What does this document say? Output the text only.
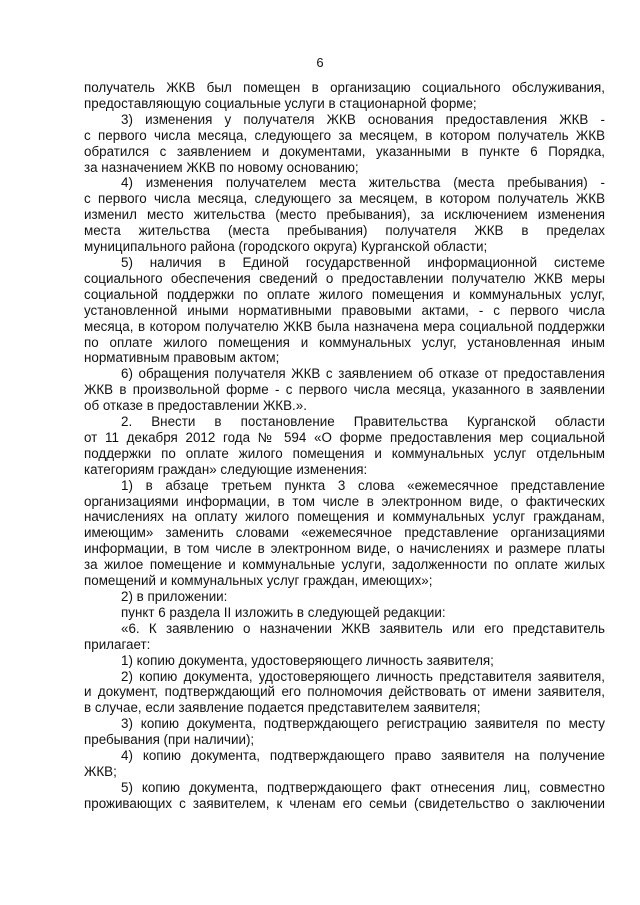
6

получатель ЖКВ был помещен в организацию социального обслуживания,

предоставляющую социальные услуги в стационарной форме;

3) изменения у получателя ЖКВ основания предоставления ЖКВ -

с первого числа месяца, следующего за месяцем, в котором получатель ЖКВ

обратился с заявлением и документами, указанными в пункте 6 Порядка,

за назначением ЖКВ по новому основанию;

4) изменения получателем места жительства (места пребывания) -

с первого числа месяца, следующего за месяцем, в котором получатель ЖКВ

изменил место жительства (место пребывания), за исключением изменения

места жительства (места пребывания) получателя ЖКВ в пределах

муниципального района (городского округа) Курганской области;

5) наличия в Единой государственной информационной системе

социального обеспечения сведений о предоставлении получателю ЖКВ меры

социальной поддержки по оплате жилого помещения и коммунальных услуг,

установленной иными нормативными правовыми актами, - с первого числа

месяца, в котором получателю ЖКВ была назначена мера социальной поддержки

по оплате жилого помещения и коммунальных услуг, установленная иным

нормативным правовым актом;

6) обращения получателя ЖКВ с заявлением об отказе от предоставления

ЖКВ в произвольной форме - с первого числа месяца, указанного в заявлении

об отказе в предоставлении ЖКВ.».

2. Внести в постановление Правительства Курганской области

от 11 декабря 2012 года № 594 «О форме предоставления мер социальной

поддержки по оплате жилого помещения и коммунальных услуг отдельным

категориям граждан» следующие изменения:

1) в абзаце третьем пункта 3 слова «ежемесячное представление

организациями информации, в том числе в электронном виде, о фактических

начислениях на оплату жилого помещения и коммунальных услуг гражданам,

имеющим» заменить словами «ежемесячное представление организациями

информации, в том числе в электронном виде, о начислениях и размере платы

за жилое помещение и коммунальные услуги, задолженности по оплате жилых

помещений и коммунальных услуг граждан, имеющих»;

2) в приложении:

пункт 6 раздела II изложить в следующей редакции:

«6. К заявлению о назначении ЖКВ заявитель или его представитель

прилагает:

1) копию документа, удостоверяющего личность заявителя;

2) копию документа, удостоверяющего личность представителя заявителя,

и документ, подтверждающий его полномочия действовать от имени заявителя,

в случае, если заявление подается представителем заявителя;

3) копию документа, подтверждающего регистрацию заявителя по месту

пребывания (при наличии);

4) копию документа, подтверждающего право заявителя на получение

ЖКВ;

5) копию документа, подтверждающего факт отнесения лиц, совместно

проживающих с заявителем, к членам его семьи (свидетельство о заключении
